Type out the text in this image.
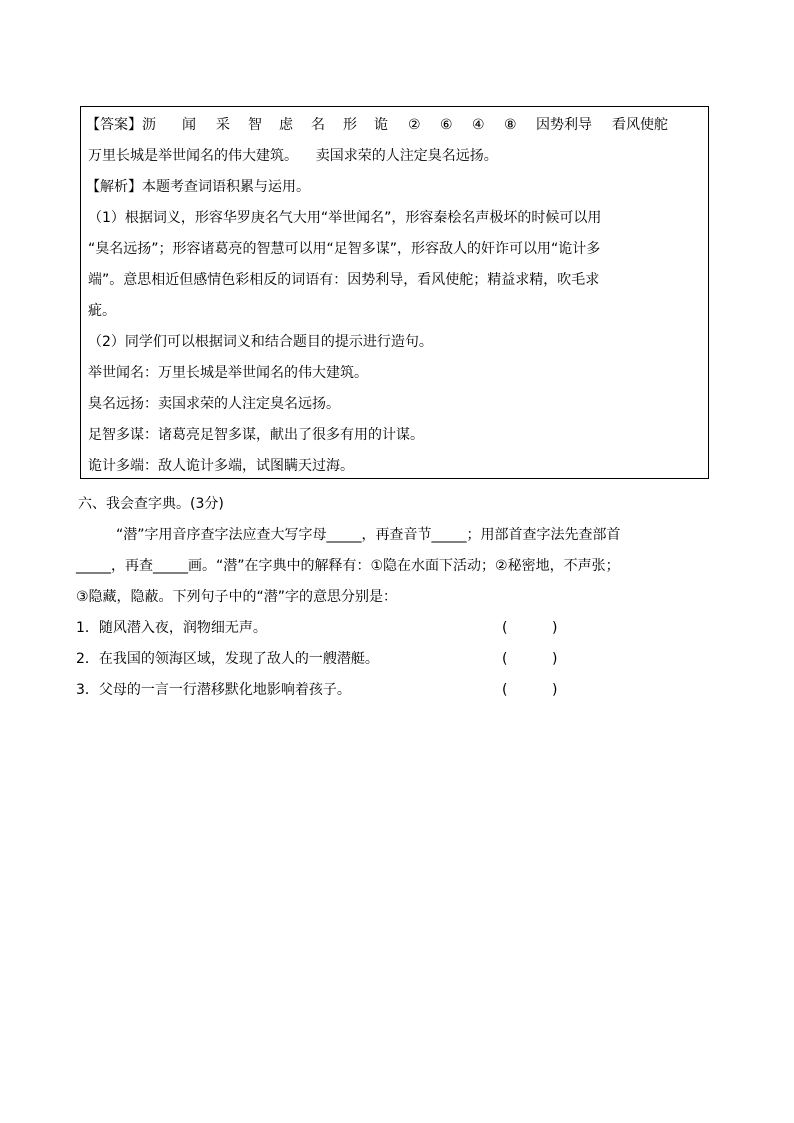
【答案】沥 闻 采 智 虑 名 形 诡 ② ⑥ ④ ⑧ 因势利导 看风使舵
万里长城是举世闻名的伟大建筑。    卖国求荣的人注定臭名远扬。
【解析】本题考查词语积累与运用。
（1）根据词义，形容华罗庚名气大用“举世闻名”，形容秦桧名声极坏的时候可以用
“臭名远扬”；形容诸葛亮的智慧可以用“足智多谋”，形容敌人的奸诈可以用“诡计多
端”。意思相近但感情色彩相反的词语有：因势利导，看风使舵；精益求精，吹毛求
疵。
（2）同学们可以根据词义和结合题目的提示进行造句。
举世闻名：万里长城是举世闻名的伟大建筑。
臭名远扬：卖国求荣的人注定臭名远扬。
足智多谋：诸葛亮足智多谋，献出了很多有用的计谋。
诡计多端：敌人诡计多端，试图瞒天过海。
六、我会查字典。(3分)
“潜”字用音序查字法应查大写字母_____，再查音节_____；用部首查字法先查部首
_____，再查_____画。“潜”在字典中的解释有：①隐在水面下活动；②秘密地，不声张；
③隐藏，隐蔽。下列句子中的“潜”字的意思分别是：
1．随风潜入夜，润物细无声。	(          )
2．在我国的领海区域，发现了敌人的一艘潜艇。	(          )
3．父母的一言一行潜移默化地影响着孩子。	(          )
